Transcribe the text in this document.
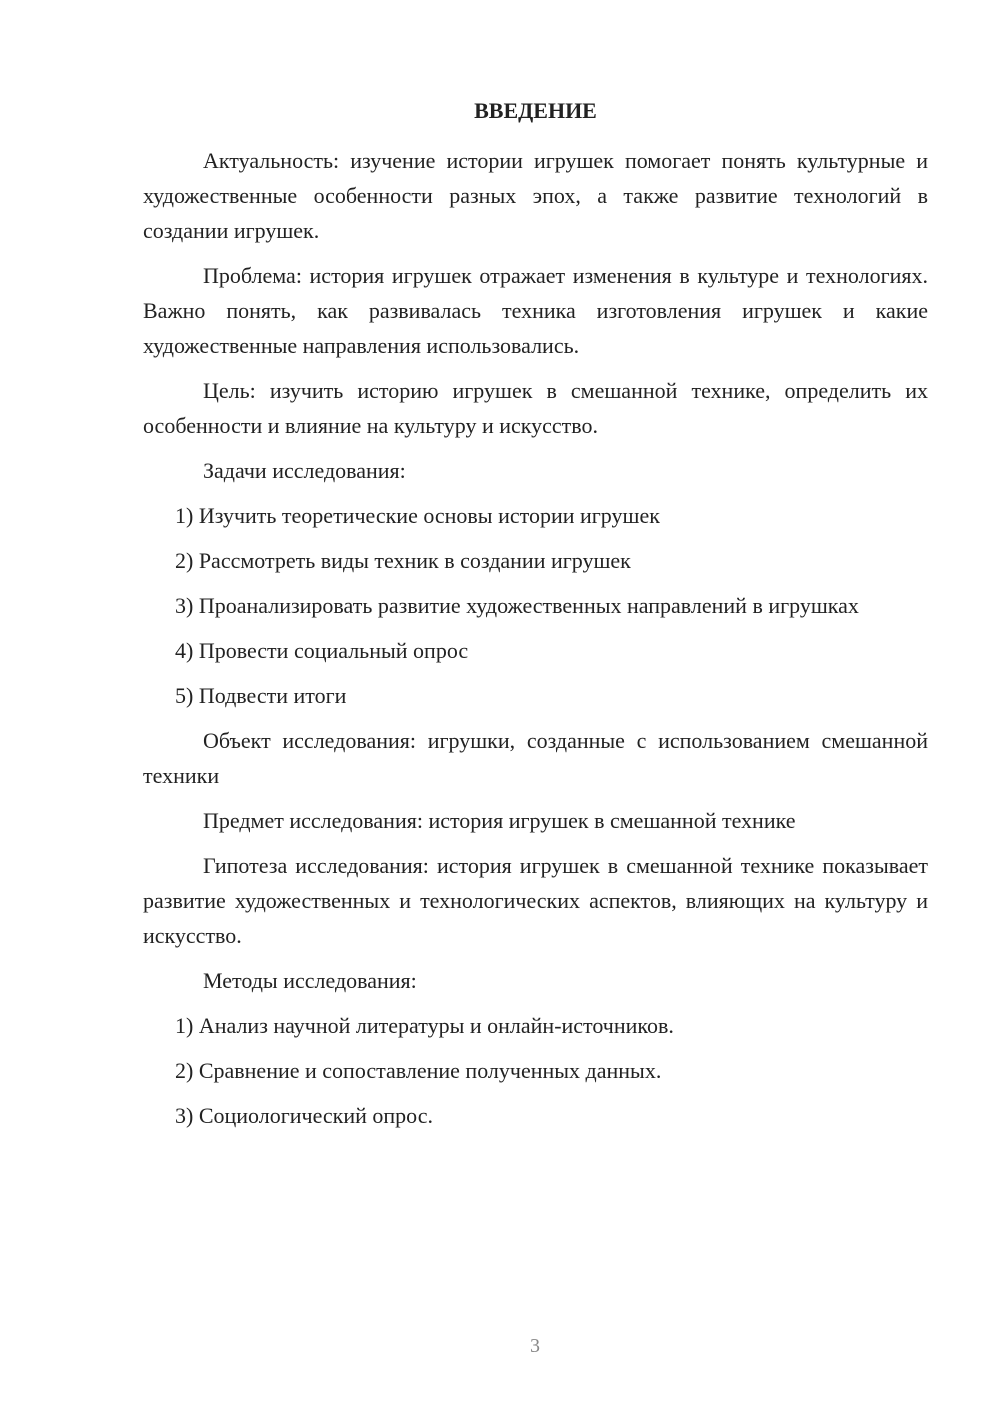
ВВЕДЕНИЕ

Актуальность: изучение истории игрушек помогает понять культурные и художественные особенности разных эпох, а также развитие технологий в создании игрушек.

Проблема: история игрушек отражает изменения в культуре и технологиях. Важно понять, как развивалась техника изготовления игрушек и какие художественные направления использовались.

Цель: изучить историю игрушек в смешанной технике, определить их особенности и влияние на культуру и искусство.

Задачи исследования:

1) Изучить теоретические основы истории игрушек

2) Рассмотреть виды техник в создании игрушек

3) Проанализировать развитие художественных направлений в игрушках

4) Провести социальный опрос

5) Подвести итоги

Объект исследования: игрушки, созданные с использованием смешанной техники

Предмет исследования: история игрушек в смешанной технике

Гипотеза исследования: история игрушек в смешанной технике показывает развитие художественных и технологических аспектов, влияющих на культуру и искусство.

Методы исследования:

1) Анализ научной литературы и онлайн-источников.

2) Сравнение и сопоставление полученных данных.

3) Социологический опрос.

3
